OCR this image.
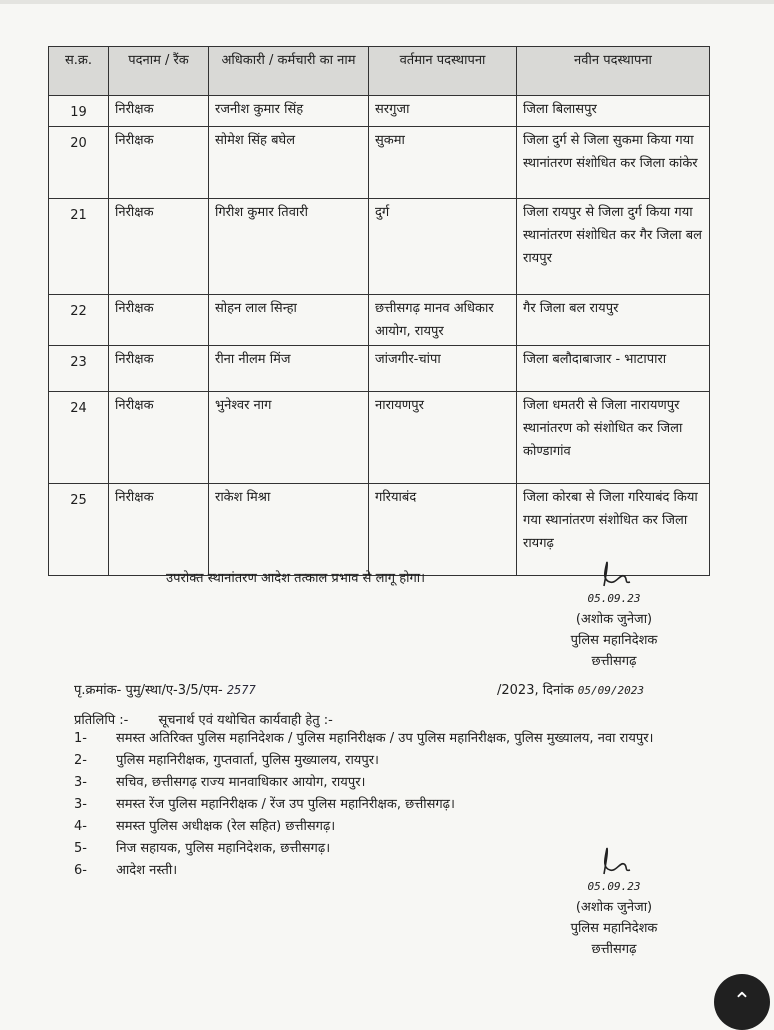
स.क्र.	पदनाम / रैंक	अधिकारी / कर्मचारी का नाम	वर्तमान पदस्थापना	नवीन पदस्थापना
19	निरीक्षक	रजनीश कुमार सिंह	सरगुजा	जिला बिलासपुर
20	निरीक्षक	सोमेश सिंह बघेल	सुकमा	जिला दुर्ग से जिला सुकमा किया गया स्थानांतरण संशोधित कर जिला कांकेर
21	निरीक्षक	गिरीश कुमार तिवारी	दुर्ग	जिला रायपुर से जिला दुर्ग किया गया स्थानांतरण संशोधित कर गैर जिला बल रायपुर
22	निरीक्षक	सोहन लाल सिन्हा	छत्तीसगढ़ मानव अधिकार आयोग, रायपुर	गैर जिला बल रायपुर
23	निरीक्षक	रीना नीलम मिंज	जांजगीर-चांपा	जिला बलौदाबाजार - भाटापारा
24	निरीक्षक	भुनेश्वर नाग	नारायणपुर	जिला धमतरी से जिला नारायणपुर स्थानांतरण को संशोधित कर जिला कोण्डागांव
25	निरीक्षक	राकेश मिश्रा	गरियाबंद	जिला कोरबा से जिला गरियाबंद किया गया स्थानांतरण संशोधित कर जिला रायगढ़
उपरोक्त स्थानांतरण आदेश तत्काल प्रभाव से लागू होगा।
05.09.23
(अशोक जुनेजा)
पुलिस महानिदेशक
छत्तीसगढ़
पृ.क्रमांक- पुमु/स्था/ए-3/5/एम- 2577	/2023, दिनांक 05/09/2023
प्रतिलिपि :- सूचनार्थ एवं यथोचित कार्यवाही हेतु :-
1-	समस्त अतिरिक्त पुलिस महानिदेशक / पुलिस महानिरीक्षक / उप पुलिस महानिरीक्षक, पुलिस मुख्यालय, नवा रायपुर।
2-	पुलिस महानिरीक्षक, गुप्तवार्ता, पुलिस मुख्यालय, रायपुर।
3-	सचिव, छत्तीसगढ़ राज्य मानवाधिकार आयोग, रायपुर।
3-	समस्त रेंज पुलिस महानिरीक्षक / रेंज उप पुलिस महानिरीक्षक, छत्तीसगढ़।
4-	समस्त पुलिस अधीक्षक (रेल सहित) छत्तीसगढ़।
5-	निज सहायक, पुलिस महानिदेशक, छत्तीसगढ़।
6-	आदेश नस्ती।
05.09.23
(अशोक जुनेजा)
पुलिस महानिदेशक
छत्तीसगढ़
⌃
